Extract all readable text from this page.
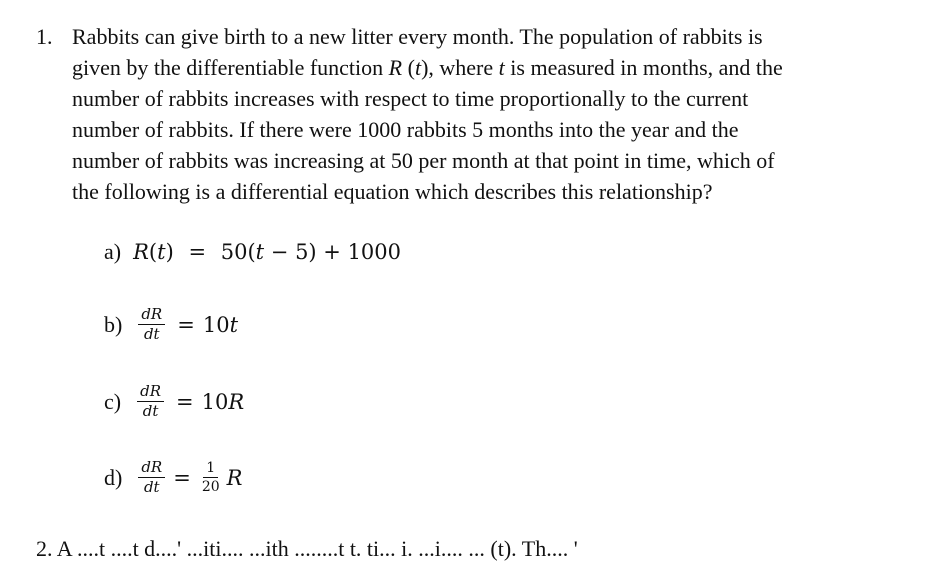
1. Rabbits can give birth to a new litter every month. The population of rabbits is
given by the differentiable function R (t), where t is measured in months, and the
number of rabbits increases with respect to time proportionally to the current
number of rabbits. If there were 1000 rabbits 5 months into the year and the
number of rabbits was increasing at 50 per month at that point in time, which of
the following is a differential equation which describes this relationship?
a) R(t) = 50(t − 5) + 1000
$b) \frac{dR}{dt} = 10t$
$c) \frac{dR}{dt} = 10R$
$d) \frac{dR}{dt} = \frac{1}{20}$ R
2. A ....t ....t d....' ...iti.... ...ith ........t t. ti... i. ...i.... ... (t). Th.... '
